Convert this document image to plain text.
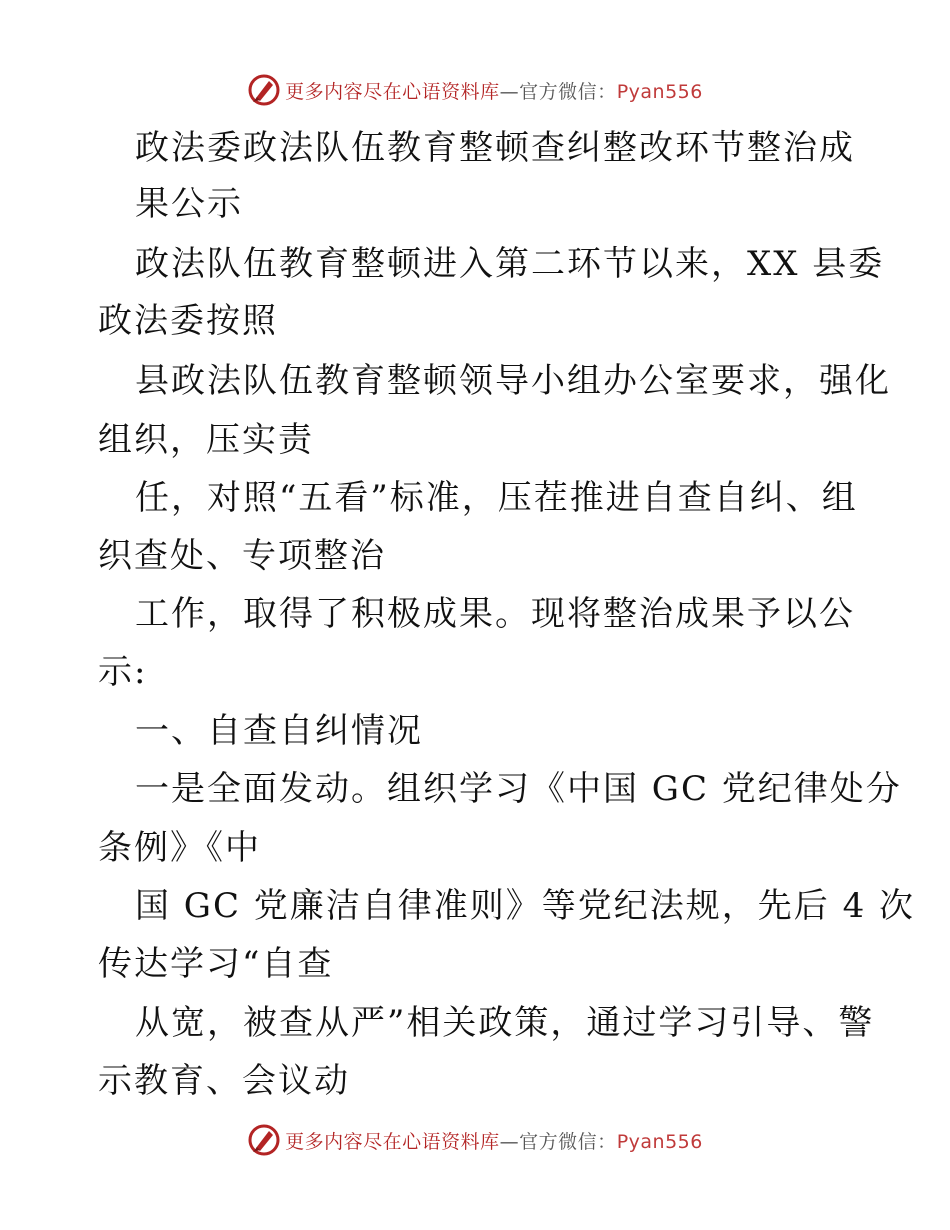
更多内容尽在心语资料库—官方微信：Pyan556
政法委政法队伍教育整顿查纠整改环节整治成
果公示
政法队伍教育整顿进入第二环节以来，XX 县委
政法委按照
县政法队伍教育整顿领导小组办公室要求，强化
组织，压实责
任，对照“五看”标准，压茬推进自查自纠、组
织查处、专项整治
工作，取得了积极成果。现将整治成果予以公
示:
一、自查自纠情况
一是全面发动。组织学习《中国 GC 党纪律处分
条例》《中
国 GC 党廉洁自律准则》等党纪法规，先后 4 次
传达学习“自查
从宽，被查从严”相关政策，通过学习引导、警
示教育、会议动
更多内容尽在心语资料库—官方微信：Pyan556
